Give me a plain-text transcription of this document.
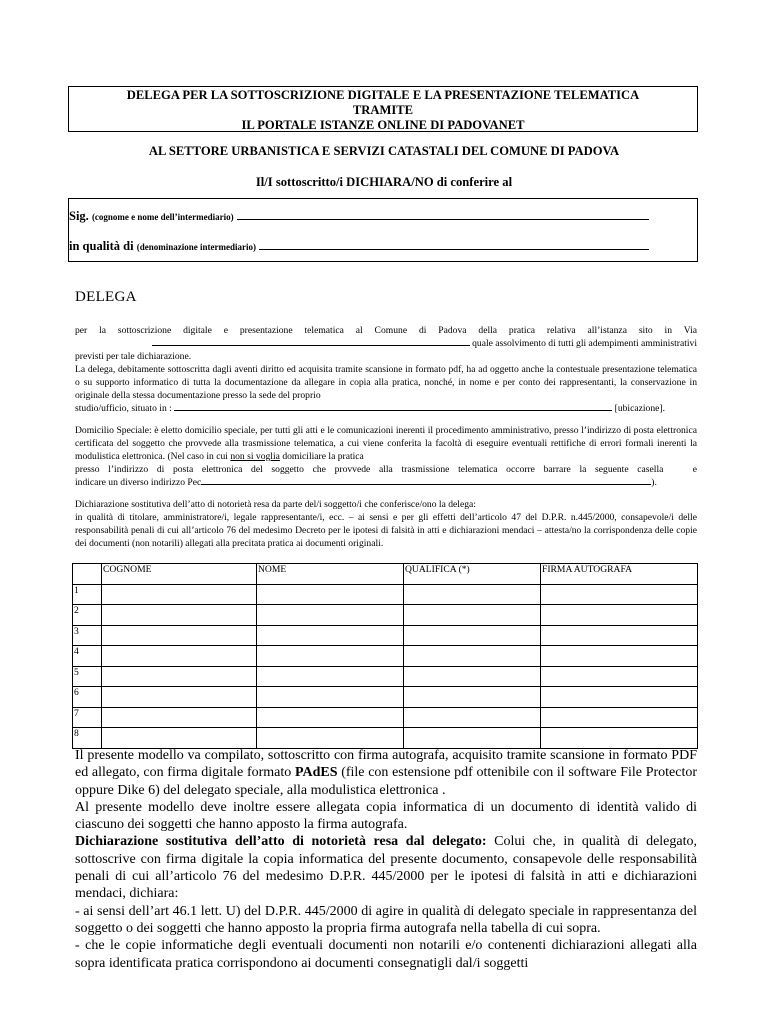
DELEGA PER LA SOTTOSCRIZIONE DIGITALE E LA PRESENTAZIONE TELEMATICA
TRAMITE
IL PORTALE ISTANZE ONLINE DI PADOVANET
AL SETTORE URBANISTICA E SERVIZI CATASTALI DEL COMUNE DI PADOVA
Il/I sottoscritto/i DICHIARA/NO di conferire al
Sig. (cognome e nome dell’intermediario)
in qualità di (denominazione intermediario)
DELEGA

per la sottoscrizione digitale e presentazione telematica al Comune di Padova della pratica relativa all’istanza sito in Via

quale assolvimento di tutti gli adempimenti amministrativi

previsti per tale dichiarazione.

La delega, debitamente sottoscritta dagli aventi diritto ed acquisita tramite scansione in formato pdf, ha ad oggetto anche la contestuale presentazione telematica o su supporto informatico di tutta la documentazione da allegare in copia alla pratica, nonché, in nome e per conto dei rappresentanti, la conservazione in originale della stessa documentazione presso la sede del proprio

studio/ufficio, situato in :	[ubicazione].

Domicilio Speciale: è eletto domicilio speciale, per tutti gli atti e le comunicazioni inerenti il procedimento amministrativo, presso l’indirizzo di posta elettronica certificata del soggetto che provvede alla trasmissione telematica, a cui viene conferita la facoltà di eseguire eventuali rettifiche di errori formali inerenti la modulistica elettronica. (Nel caso in cui non si voglia domiciliare la pratica

presso l’indirizzo di posta elettronica del soggetto che provvede alla trasmissione telematica occorre barrare la seguente casella	e

indicare un diverso indirizzo Pec	).

Dichiarazione sostitutiva dell’atto di notorietà resa da parte del/i soggetto/i che conferisce/ono la delega:

in qualità di titolare, amministratore/i, legale rappresentante/i, ecc. – ai sensi e per gli effetti dell’articolo 47 del D.P.R. n.445/2000, consapevole/i delle responsabilità penali di cui all’articolo 76 del medesimo Decreto per le ipotesi di falsità in atti e dichiarazioni mendaci – attesta/no la corrispondenza delle copie dei documenti (non notarili) allegati alla precitata pratica ai documenti originali.

	COGNOME	NOME	QUALIFICA (*)	FIRMA AUTOGRAFA
1				
2				
3				
4				
5				
6				
7				
8				

Il presente modello va compilato, sottoscritto con firma autografa, acquisito tramite scansione in formato PDF ed allegato, con firma digitale formato PAdES (file con estensione pdf ottenibile con il software File Protector oppure Dike 6) del delegato speciale, alla modulistica elettronica .

Al presente modello deve inoltre essere allegata copia informatica di un documento di identità valido di ciascuno dei soggetti che hanno apposto la firma autografa.

Dichiarazione sostitutiva dell’atto di notorietà resa dal delegato: Colui che, in qualità di delegato, sottoscrive con firma digitale la copia informatica del presente documento, consapevole delle responsabilità penali di cui all’articolo 76 del medesimo D.P.R. 445/2000 per le ipotesi di falsità in atti e dichiarazioni mendaci, dichiara:

- ai sensi dell’art 46.1 lett. U) del D.P.R. 445/2000 di agire in qualità di delegato speciale in rappresentanza del soggetto o dei soggetti che hanno apposto la propria firma autografa nella tabella di cui sopra.

- che le copie informatiche degli eventuali documenti non notarili e/o contenenti dichiarazioni allegati alla sopra identificata pratica corrispondono ai documenti consegnatigli dal/i soggetti
